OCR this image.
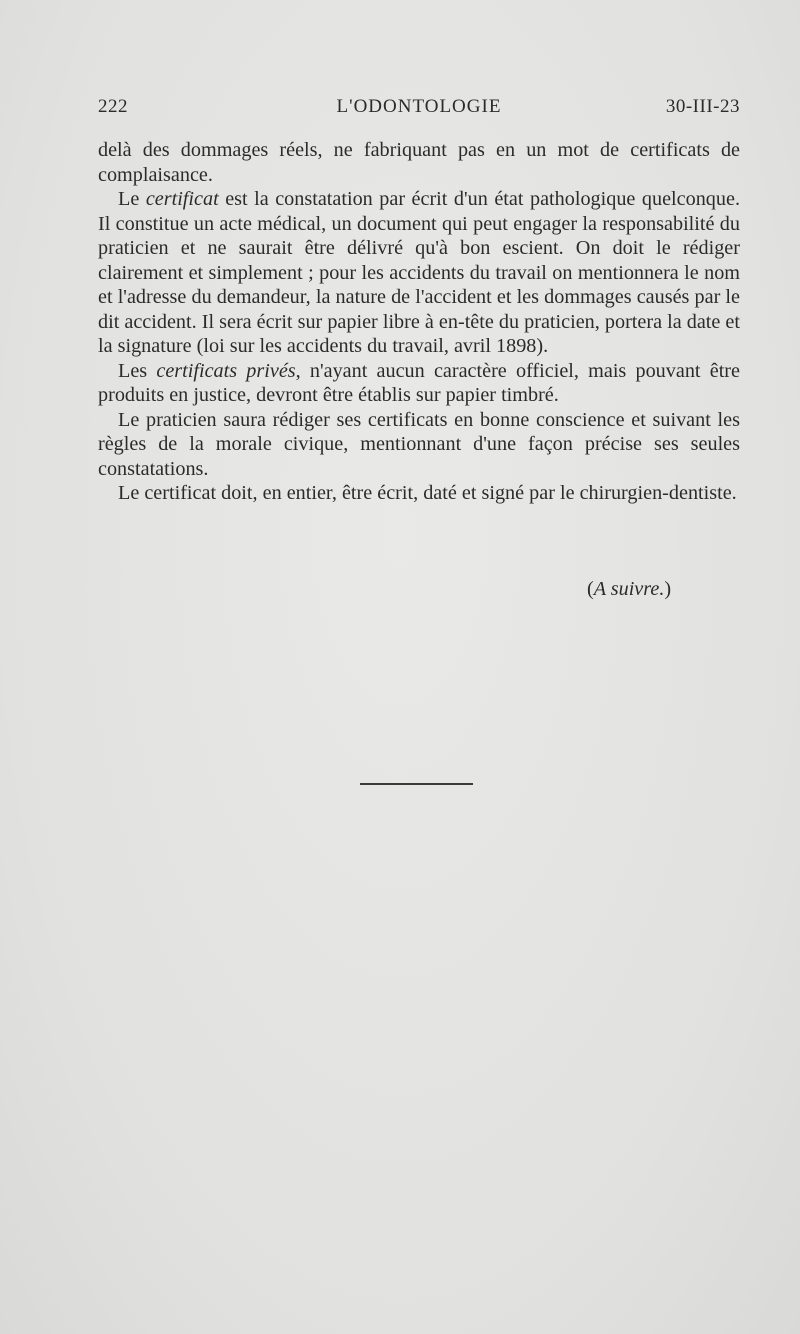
222	L'ODONTOLOGIE	30-III-23

delà des dommages réels, ne fabriquant pas en un mot de certificats de complaisance.

Le certificat est la constatation par écrit d'un état pathologique quelconque. Il constitue un acte médical, un document qui peut engager la responsabilité du praticien et ne saurait être délivré qu'à bon escient. On doit le rédiger clairement et simplement ; pour les accidents du travail on mentionnera le nom et l'adresse du demandeur, la nature de l'accident et les dommages causés par le dit accident. Il sera écrit sur papier libre à en-tête du praticien, portera la date et la signature (loi sur les accidents du travail, avril 1898).

Les certificats privés, n'ayant aucun caractère officiel, mais pouvant être produits en justice, devront être établis sur papier timbré.

Le praticien saura rédiger ses certificats en bonne conscience et suivant les règles de la morale civique, mentionnant d'une façon précise ses seules constatations.

Le certificat doit, en entier, être écrit, daté et signé par le chirurgien-dentiste.

(A suivre.)
